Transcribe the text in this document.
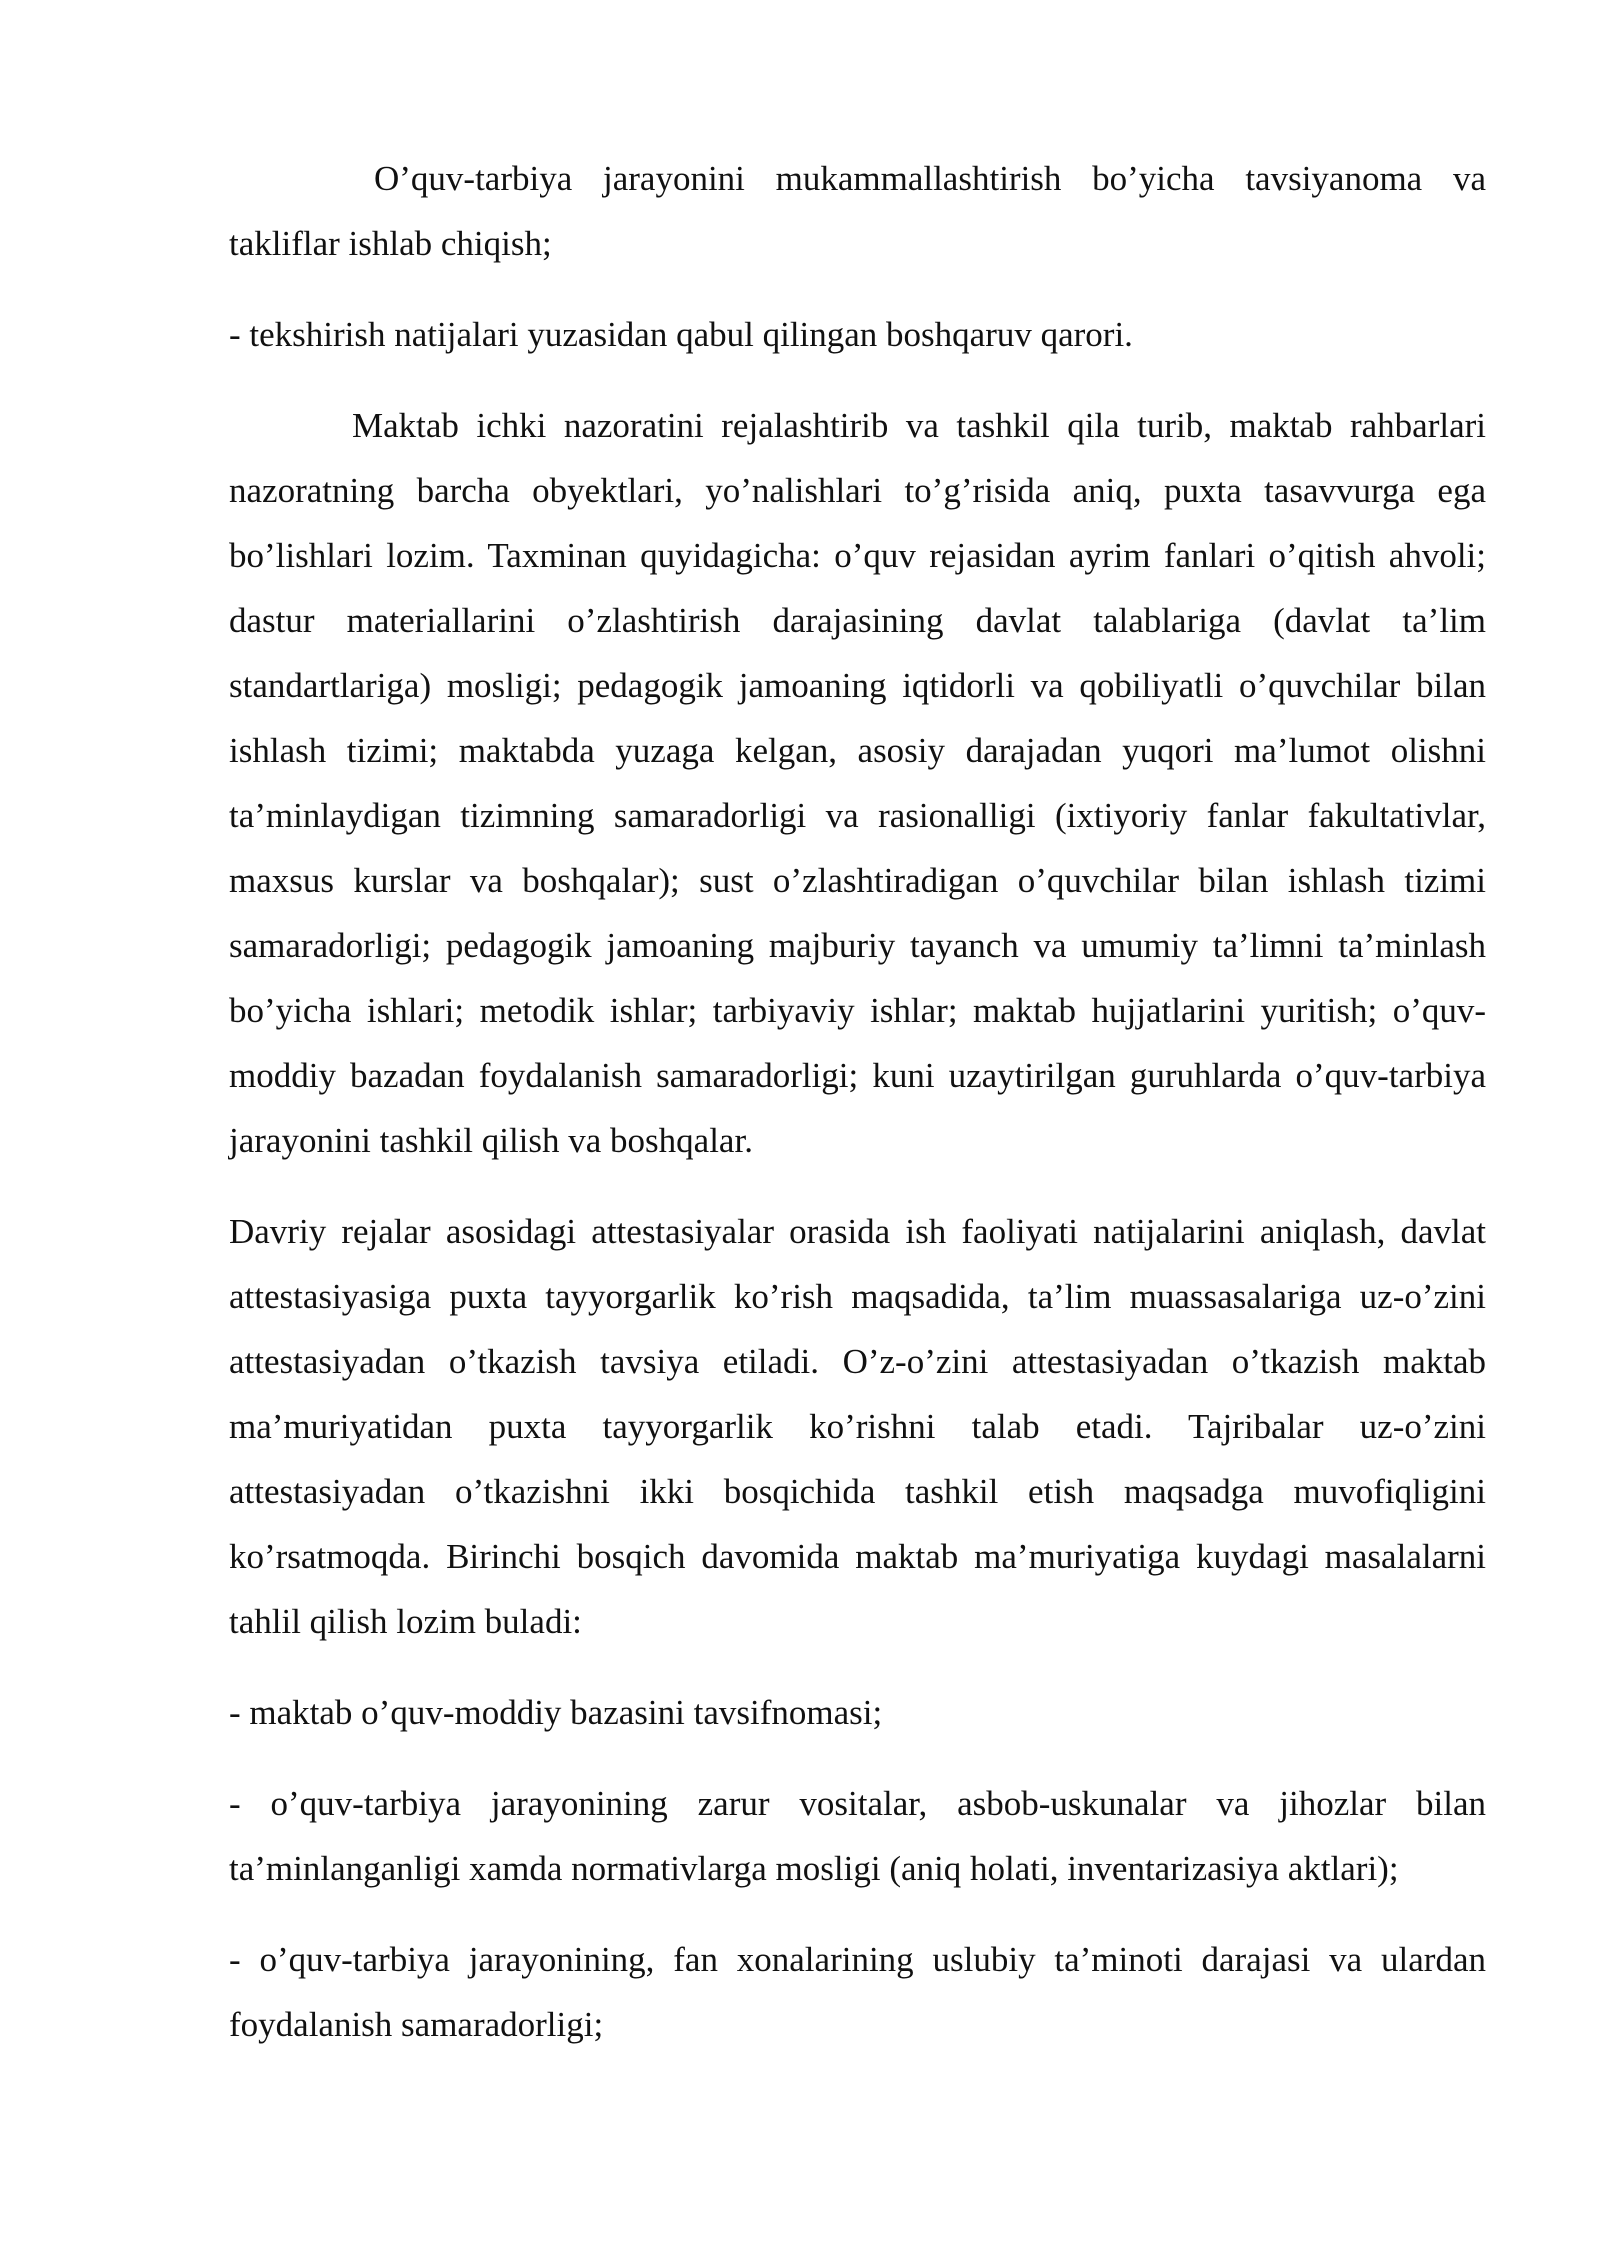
O’quv-tarbiya jarayonini mukammallashtirish bo’yicha tavsiyanoma va takliflar ishlab chiqish;

- tekshirish natijalari yuzasidan qabul qilingan boshqaruv qarori.

Maktab ichki nazoratini rejalashtirib va tashkil qila turib, maktab rahbarlari nazoratning barcha obyektlari, yo’nalishlari to’g’risida aniq, puxta tasavvurga ega bo’lishlari lozim. Taxminan quyidagicha: o’quv rejasidan ayrim fanlari o’qitish ahvoli; dastur materiallarini o’zlashtirish darajasining davlat talablariga (davlat ta’lim standartlariga) mosligi; pedagogik jamoaning iqtidorli va qobiliyatli o’quvchilar bilan ishlash tizimi; maktabda yuzaga kelgan, asosiy darajadan yuqori ma’lumot olishni ta’minlaydigan tizimning samaradorligi va rasionalligi (ixtiyoriy fanlar fakultativlar, maxsus kurslar va boshqalar); sust o’zlashtiradigan o’quvchilar bilan ishlash tizimi samaradorligi; pedagogik jamoaning majburiy tayanch va umumiy ta’limni ta’minlash bo’yicha ishlari; metodik ishlar; tarbiyaviy ishlar; maktab hujjatlarini yuritish; o’quv-moddiy bazadan foydalanish samaradorligi; kuni uzaytirilgan guruhlarda o’quv-tarbiya jarayonini tashkil qilish va boshqalar.

Davriy rejalar asosidagi attestasiyalar orasida ish faoliyati natijalarini aniqlash, davlat attestasiyasiga puxta tayyorgarlik ko’rish maqsadida, ta’lim muassasalariga uz-o’zini attestasiyadan o’tkazish tavsiya etiladi. O’z-o’zini attestasiyadan o’tkazish maktab ma’muriyatidan puxta tayyorgarlik ko’rishni talab etadi. Tajribalar uz-o’zini attestasiyadan o’tkazishni ikki bosqichida tashkil etish maqsadga muvofiqligini ko’rsatmoqda. Birinchi bosqich davomida maktab ma’muriyatiga kuydagi masalalarni tahlil qilish lozim buladi:

- maktab o’quv-moddiy bazasini tavsifnomasi;

- o’quv-tarbiya jarayonining zarur vositalar, asbob-uskunalar va jihozlar bilan ta’minlanganligi xamda normativlarga mosligi (aniq holati, inventarizasiya aktlari);

- o’quv-tarbiya jarayonining, fan xonalarining uslubiy ta’minoti darajasi va ulardan foydalanish samaradorligi;
